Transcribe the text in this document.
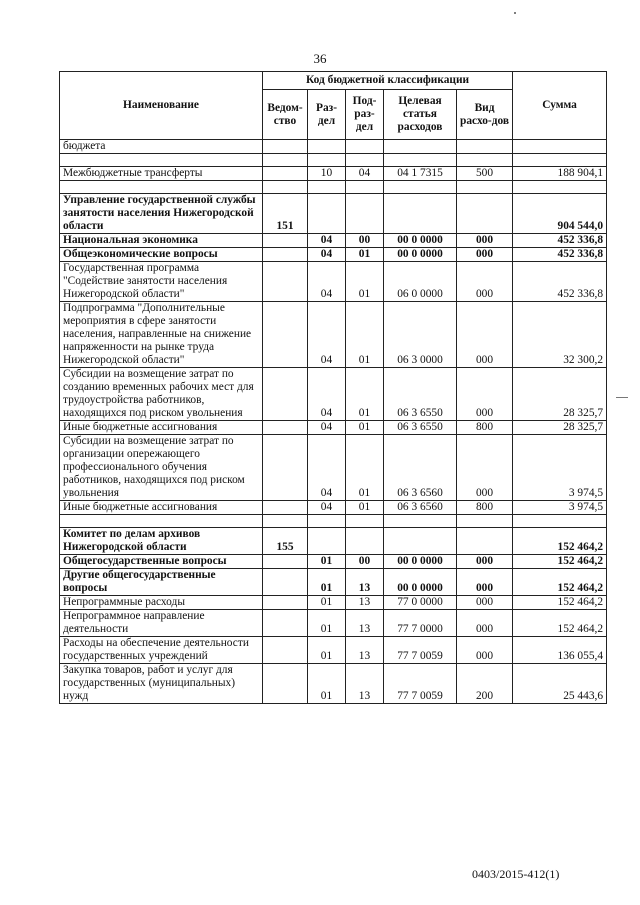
36
Наименование	Код бюджетной классификации					Сумма
	Ведом-ство	Раз-дел	Под-раз-дел	Целевая статья расходов	Вид расхо-дов	
бюджета						

Межбюджетные трансферты		10	04	04 1 7315	500	188 904,1

Управление государственной службы занятости населения Нижегородской области	151					904 544,0
Национальная экономика		04	00	00 0 0000	000	452 336,8
Общеэкономические вопросы		04	01	00 0 0000	000	452 336,8
Государственная программа "Содействие занятости населения Нижегородской области"		04	01	06 0 0000	000	452 336,8
Подпрограмма "Дополнительные мероприятия в сфере занятости населения, направленные на снижение напряженности на рынке труда Нижегородской области"		04	01	06 3 0000	000	32 300,2
Субсидии на возмещение затрат по созданию временных рабочих мест для трудоустройства работников, находящихся под риском увольнения		04	01	06 3 6550	000	28 325,7
Иные бюджетные ассигнования		04	01	06 3 6550	800	28 325,7
Субсидии на возмещение затрат по организации опережающего профессионального обучения работников, находящихся под риском увольнения		04	01	06 3 6560	000	3 974,5
Иные бюджетные ассигнования		04	01	06 3 6560	800	3 974,5

Комитет по делам архивов Нижегородской области	155					152 464,2
Общегосударственные вопросы		01	00	00 0 0000	000	152 464,2
Другие общегосударственные вопросы		01	13	00 0 0000	000	152 464,2
Непрограммные расходы		01	13	77 0 0000	000	152 464,2
Непрограммное направление деятельности		01	13	77 7 0000	000	152 464,2
Расходы на обеспечение деятельности государственных учреждений		01	13	77 7 0059	000	136 055,4
Закупка товаров, работ и услуг для государственных (муниципальных) нужд		01	13	77 7 0059	200	25 443,6
0403/2015-412(1)
